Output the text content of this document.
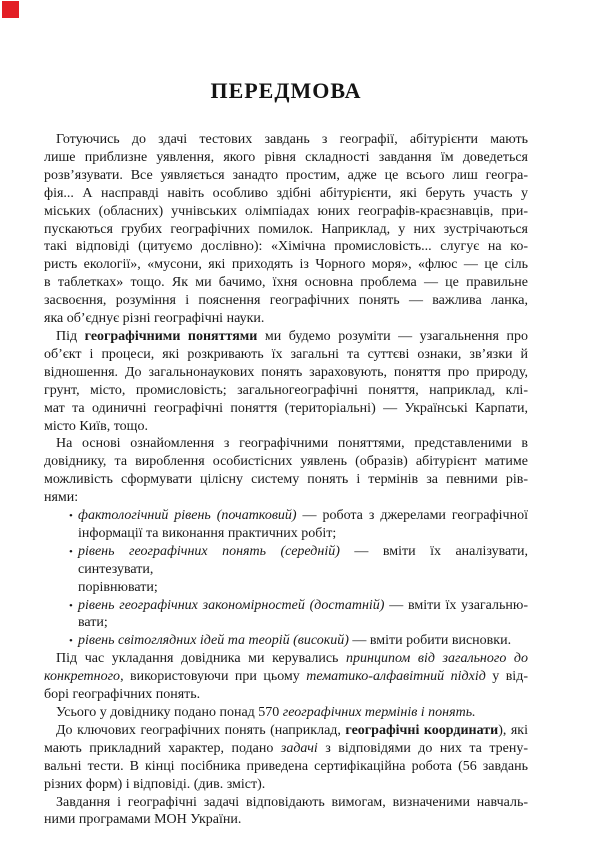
ПЕРЕДМОВА
Готуючись до здачі тестових завдань з географії, абітурієнти мають
лише приблизне уявлення, якого рівня складності завдання їм доведеться
розв’язувати. Все уявляється занадто простим, адже це всього лиш геогра-
фія... А насправді навіть особливо здібні абітурієнти, які беруть участь у
міських (обласних) учнівських олімпіадах юних географів-краєзнавців, при-
пускаються грубих географічних помилок. Наприклад, у них зустрічаються
такі відповіді (цитуємо дослівно): «Хімічна промисловість... слугує на ко-
ристь екології», «мусони, які приходять із Чорного моря», «флюс — це сіль
в таблетках» тощо. Як ми бачимо, їхня основна проблема — це правильне
засвоєння, розуміння і пояснення географічних понять — важлива ланка,
яка об’єднує різні географічні науки.
Під географічними поняттями ми будемо розуміти — узагальнення про
об’єкт і процеси, які розкривають їх загальні та суттєві ознаки, зв’язки й
відношення. До загальнонаукових понять зараховують, поняття про природу,
грунт, місто, промисловість; загальногеографічні поняття, наприклад, клі-
мат та одиничні географічні поняття (територіальні) — Українські Карпати,
місто Київ, тощо.
На основі ознайомлення з географічними поняттями, представленими в
довіднику, та вироблення особистісних уявлень (образів) абітурієнт матиме
можливість сформувати цілісну систему понять і термінів за певними рів-
нями:
• фактологічний рівень (початковий) — робота з джерелами географічної
інформації та виконання практичних робіт;
• рівень географічних понять (середній) — вміти їх аналізувати, синтезувати,
порівнювати;
• рівень географічних закономірностей (достатній) — вміти їх узагальню-
вати;
• рівень світоглядних ідей та теорій (високий) — вміти робити висновки.
Під час укладання довідника ми керувались принципом від загального до
конкретного, використовуючи при цьому тематико-алфавітний підхід у від-
борі географічних понять.
Усього у довіднику подано понад 570 географічних термінів і понять.
До ключових географічних понять (наприклад, географічні координати), які
мають прикладний характер, подано задачі з відповідями до них та трену-
вальні тести. В кінці посібника приведена сертифікаційна робота (56 завдань
різних форм) і відповіді. (див. зміст).
Завдання і географічні задачі відповідають вимогам, визначеними навчаль-
ними програмами МОН України.
